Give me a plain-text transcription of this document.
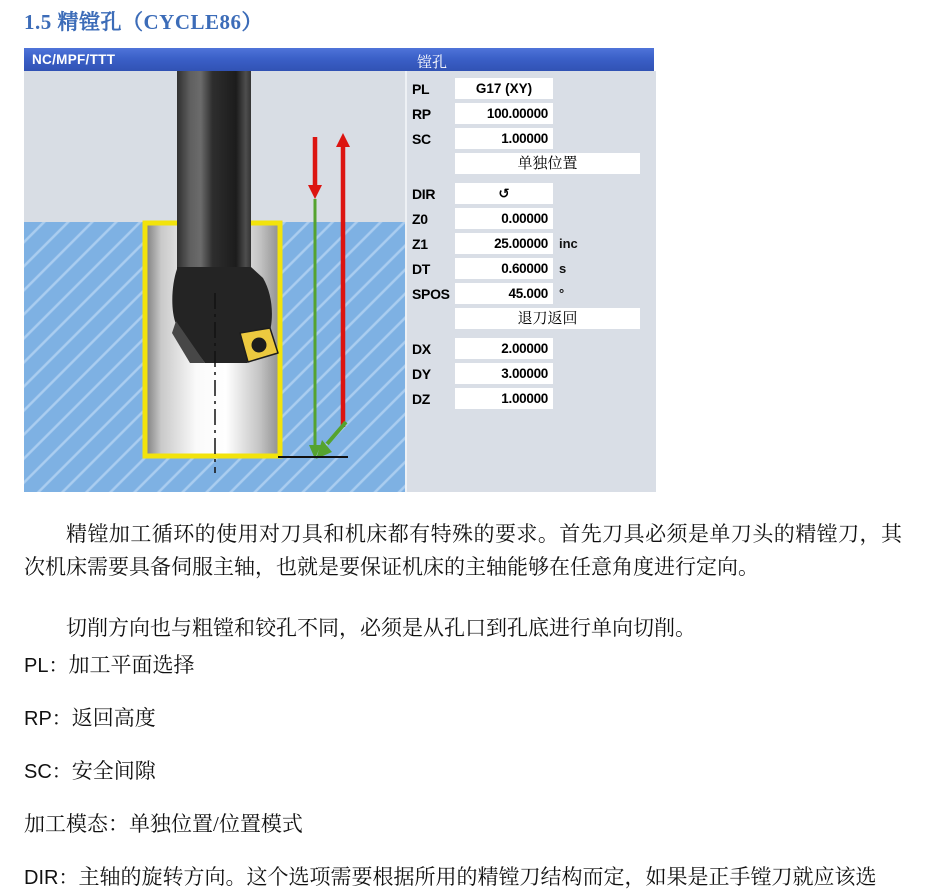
1.5 精镗孔（CYCLE86）
NC/MPF/TTT	镗孔
PL	G17 (XY)
RP	100.00000
SC	1.00000
单独位置
DIR	↺
Z0	0.00000
Z1	25.00000 inc
DT	0.60000 s
SPOS	45.000 °
退刀返回
DX	2.00000
DY	3.00000
DZ	1.00000
精镗加工循环的使用对刀具和机床都有特殊的要求。首先刀具必须是单刀头的精镗刀，其次机床需要具备伺服主轴，也就是要保证机床的主轴能够在任意角度进行定向。
切削方向也与粗镗和铰孔不同，必须是从孔口到孔底进行单向切削。
PL：加工平面选择
RP：返回高度
SC：安全间隙
加工模态：单独位置/位置模式
DIR：主轴的旋转方向。这个选项需要根据所用的精镗刀结构而定，如果是正手镗刀就应该选
